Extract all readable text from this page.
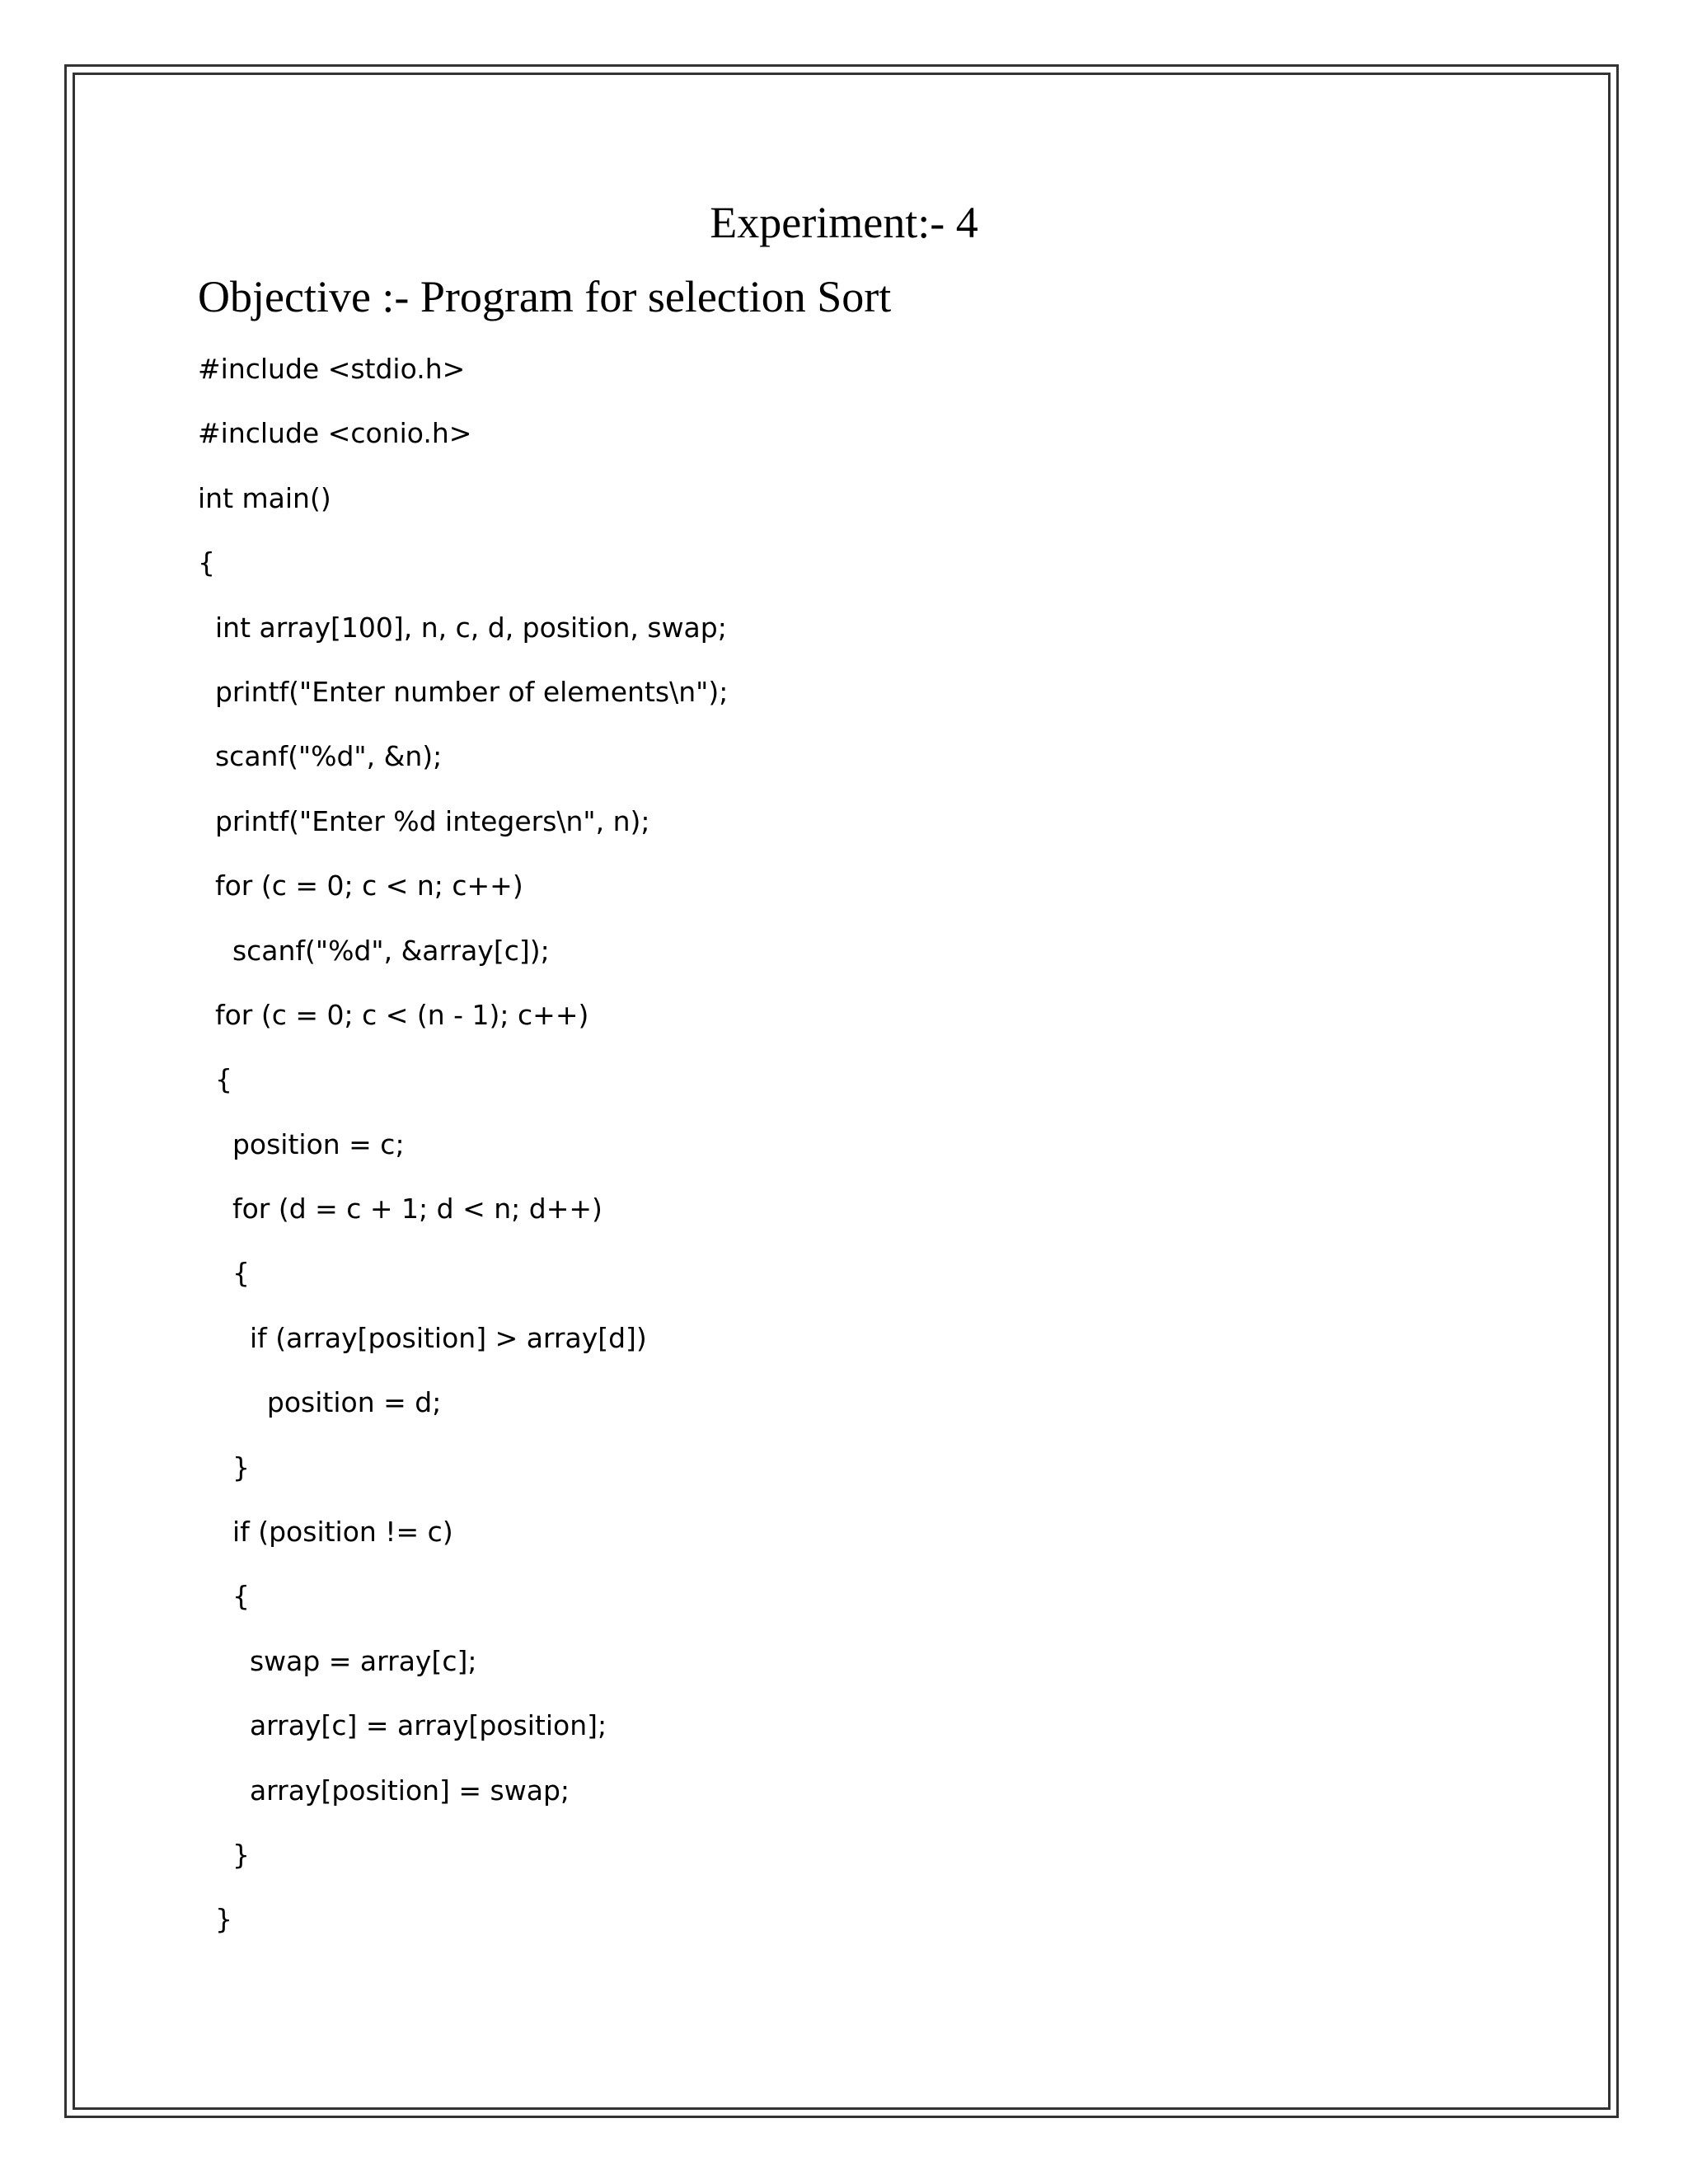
Experiment:- 4
Objective :- Program for selection Sort
#include <stdio.h>
#include <conio.h>
int main()
{
int array[100], n, c, d, position, swap;
printf("Enter number of elements\n");
scanf("%d", &n);
printf("Enter %d integers\n", n);
for (c = 0; c < n; c++)
scanf("%d", &array[c]);
for (c = 0; c < (n - 1); c++)
{
position = c;
for (d = c + 1; d < n; d++)
{
if (array[position] > array[d])
position = d;
}
if (position != c)
{
swap = array[c];
array[c] = array[position];
array[position] = swap;
}
}
